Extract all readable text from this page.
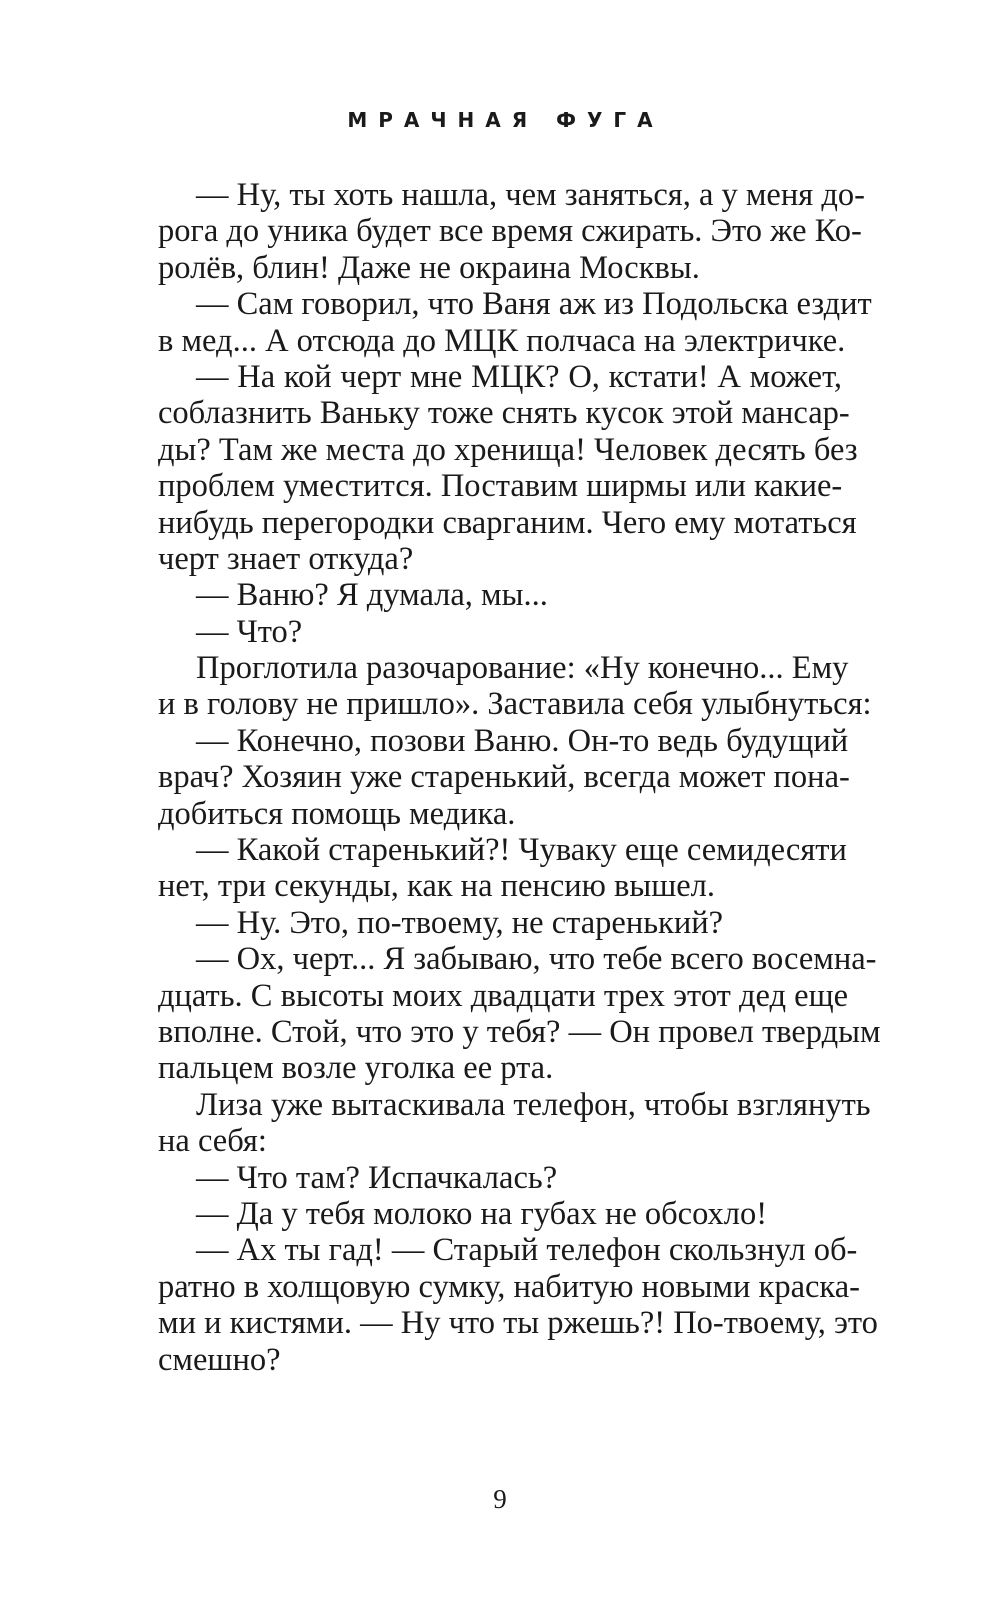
МРАЧНАЯ ФУГА
— Ну, ты хоть нашла, чем заняться, а у меня до-
рога до уника будет все время сжирать. Это же Ко-
ролёв, блин! Даже не окраина Москвы.
— Сам говорил, что Ваня аж из Подольска ездит
в мед... А отсюда до МЦК полчаса на электричке.
— На кой черт мне МЦК? О, кстати! А может,
соблазнить Ваньку тоже снять кусок этой мансар-
ды? Там же места до хренища! Человек десять без
проблем уместится. Поставим ширмы или какие-
нибудь перегородки сварганим. Чего ему мотаться
черт знает откуда?
— Ваню? Я думала, мы...
— Что?
Проглотила разочарование: «Ну конечно... Ему
и в голову не пришло». Заставила себя улыбнуться:
— Конечно, позови Ваню. Он-то ведь будущий
врач? Хозяин уже старенький, всегда может пона-
добиться помощь медика.
— Какой старенький?! Чуваку еще семидесяти
нет, три секунды, как на пенсию вышел.
— Ну. Это, по-твоему, не старенький?
— Ох, черт... Я забываю, что тебе всего восемна-
дцать. С высоты моих двадцати трех этот дед еще
вполне. Стой, что это у тебя? — Он провел твердым
пальцем возле уголка ее рта.
Лиза уже вытаскивала телефон, чтобы взглянуть
на себя:
— Что там? Испачкалась?
— Да у тебя молоко на губах не обсохло!
— Ах ты гад! — Старый телефон скользнул об-
ратно в холщовую сумку, набитую новыми краска-
ми и кистями. — Ну что ты ржешь?! По-твоему, это
смешно?
9
